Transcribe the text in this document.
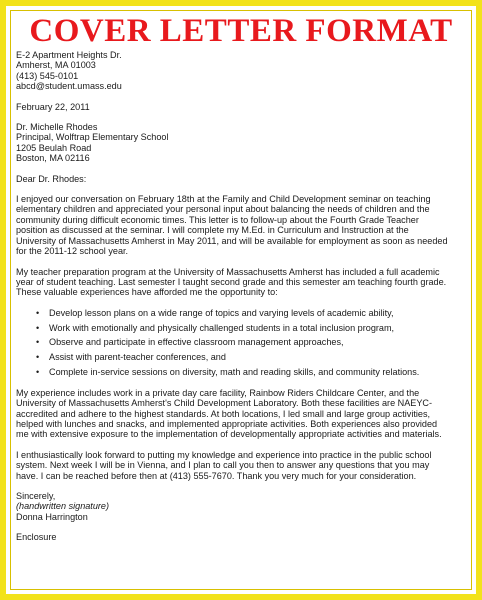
COVER LETTER FORMAT
E-2 Apartment Heights Dr.
Amherst, MA 01003
(413) 545-0101
abcd@student.umass.edu
February 22, 2011
Dr. Michelle Rhodes
Principal, Wolftrap Elementary School
1205 Beulah Road
Boston, MA 02116
Dear Dr. Rhodes:
I enjoyed our conversation on February 18th at the Family and Child Development seminar on teaching
elementary children and appreciated your personal input about balancing the needs of children and the
community during difficult economic times. This letter is to follow-up about the Fourth Grade Teacher
position as discussed at the seminar. I will complete my M.Ed. in Curriculum and Instruction at the
University of Massachusetts Amherst in May 2011, and will be available for employment as soon as needed
for the 2011-12 school year.
My teacher preparation program at the University of Massachusetts Amherst has included a full academic
year of student teaching. Last semester I taught second grade and this semester am teaching fourth grade.
These valuable experiences have afforded me the opportunity to:
• Develop lesson plans on a wide range of topics and varying levels of academic ability,
• Work with emotionally and physically challenged students in a total inclusion program,
• Observe and participate in effective classroom management approaches,
• Assist with parent-teacher conferences, and
• Complete in-service sessions on diversity, math and reading skills, and community relations.
My experience includes work in a private day care facility, Rainbow Riders Childcare Center, and the
University of Massachusetts Amherst's Child Development Laboratory. Both these facilities are NAEYC-
accredited and adhere to the highest standards. At both locations, I led small and large group activities,
helped with lunches and snacks, and implemented appropriate activities. Both experiences also provided
me with extensive exposure to the implementation of developmentally appropriate activities and materials.
I enthusiastically look forward to putting my knowledge and experience into practice in the public school
system. Next week I will be in Vienna, and I plan to call you then to answer any questions that you may
have. I can be reached before then at (413) 555-7670. Thank you very much for your consideration.
Sincerely,
(handwritten signature)
Donna Harrington
Enclosure
